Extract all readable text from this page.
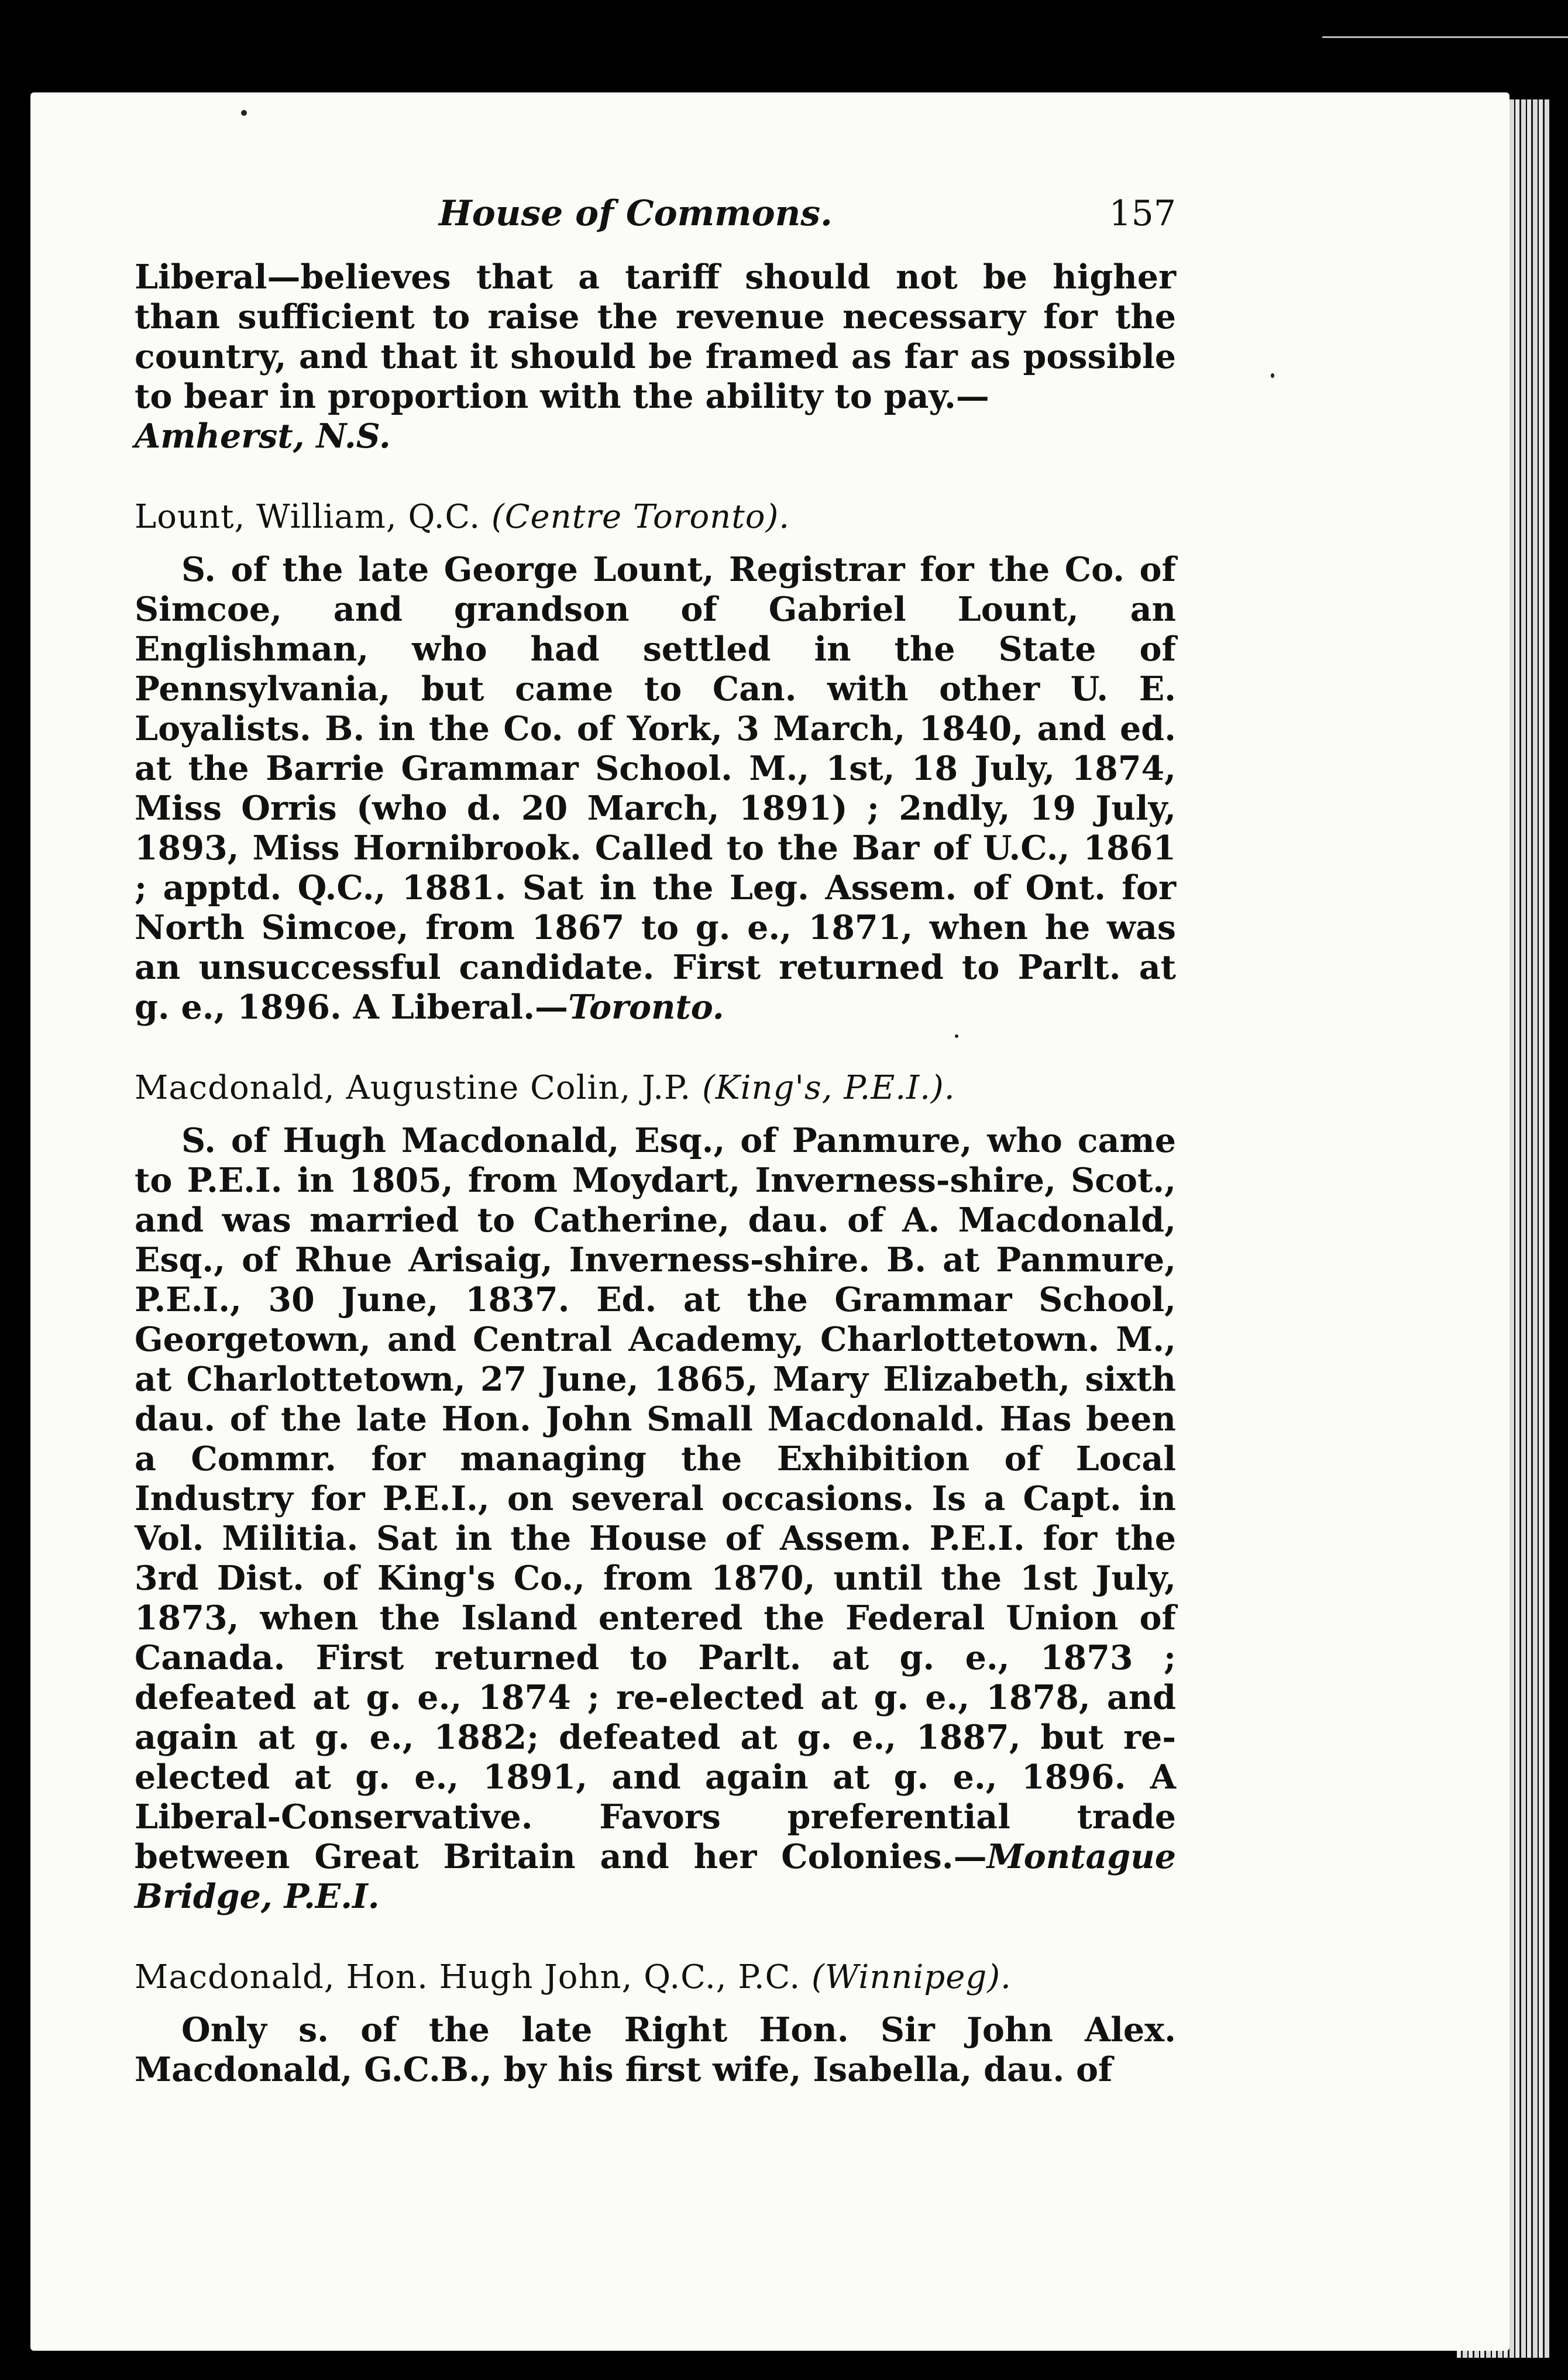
House of Commons.	157

Liberal—believes that a tariff should not be higher than sufficient to raise the revenue necessary for the country, and that it should be framed as far as possible to bear in proportion with the ability to pay.—
Amherst, N.S.

Lount, William, Q.C. (Centre Toronto).

S. of the late George Lount, Registrar for the Co. of Simcoe, and grandson of Gabriel Lount, an Englishman, who had settled in the State of Pennsylvania, but came to Can. with other U. E. Loyalists. B. in the Co. of York, 3 March, 1840, and ed. at the Barrie Grammar School. M., 1st, 18 July, 1874, Miss Orris (who d. 20 March, 1891) ; 2ndly, 19 July, 1893, Miss Hornibrook. Called to the Bar of U.C., 1861 ; apptd. Q.C., 1881. Sat in the Leg. Assem. of Ont. for North Simcoe, from 1867 to g. e., 1871, when he was an unsuccessful candidate. First returned to Parlt. at g. e., 1896. A Liberal.—Toronto.

Macdonald, Augustine Colin, J.P. (King's, P.E.I.).

S. of Hugh Macdonald, Esq., of Panmure, who came to P.E.I. in 1805, from Moydart, Inverness-shire, Scot., and was married to Catherine, dau. of A. Macdonald, Esq., of Rhue Arisaig, Inverness-shire. B. at Panmure, P.E.I., 30 June, 1837. Ed. at the Grammar School, Georgetown, and Central Academy, Charlottetown. M., at Charlottetown, 27 June, 1865, Mary Elizabeth, sixth dau. of the late Hon. John Small Macdonald. Has been a Commr. for managing the Exhibition of Local Industry for P.E.I., on several occasions. Is a Capt. in Vol. Militia. Sat in the House of Assem. P.E.I. for the 3rd Dist. of King's Co., from 1870, until the 1st July, 1873, when the Island entered the Federal Union of Canada. First returned to Parlt. at g. e., 1873 ; defeated at g. e., 1874 ; re-elected at g. e., 1878, and again at g. e., 1882; defeated at g. e., 1887, but re-elected at g. e., 1891, and again at g. e., 1896. A Liberal-Conservative. Favors preferential trade between Great Britain and her Colonies.—Montague Bridge, P.E.I.

Macdonald, Hon. Hugh John, Q.C., P.C. (Winnipeg).

Only s. of the late Right Hon. Sir John Alex. Macdonald, G.C.B., by his first wife, Isabella, dau. of
